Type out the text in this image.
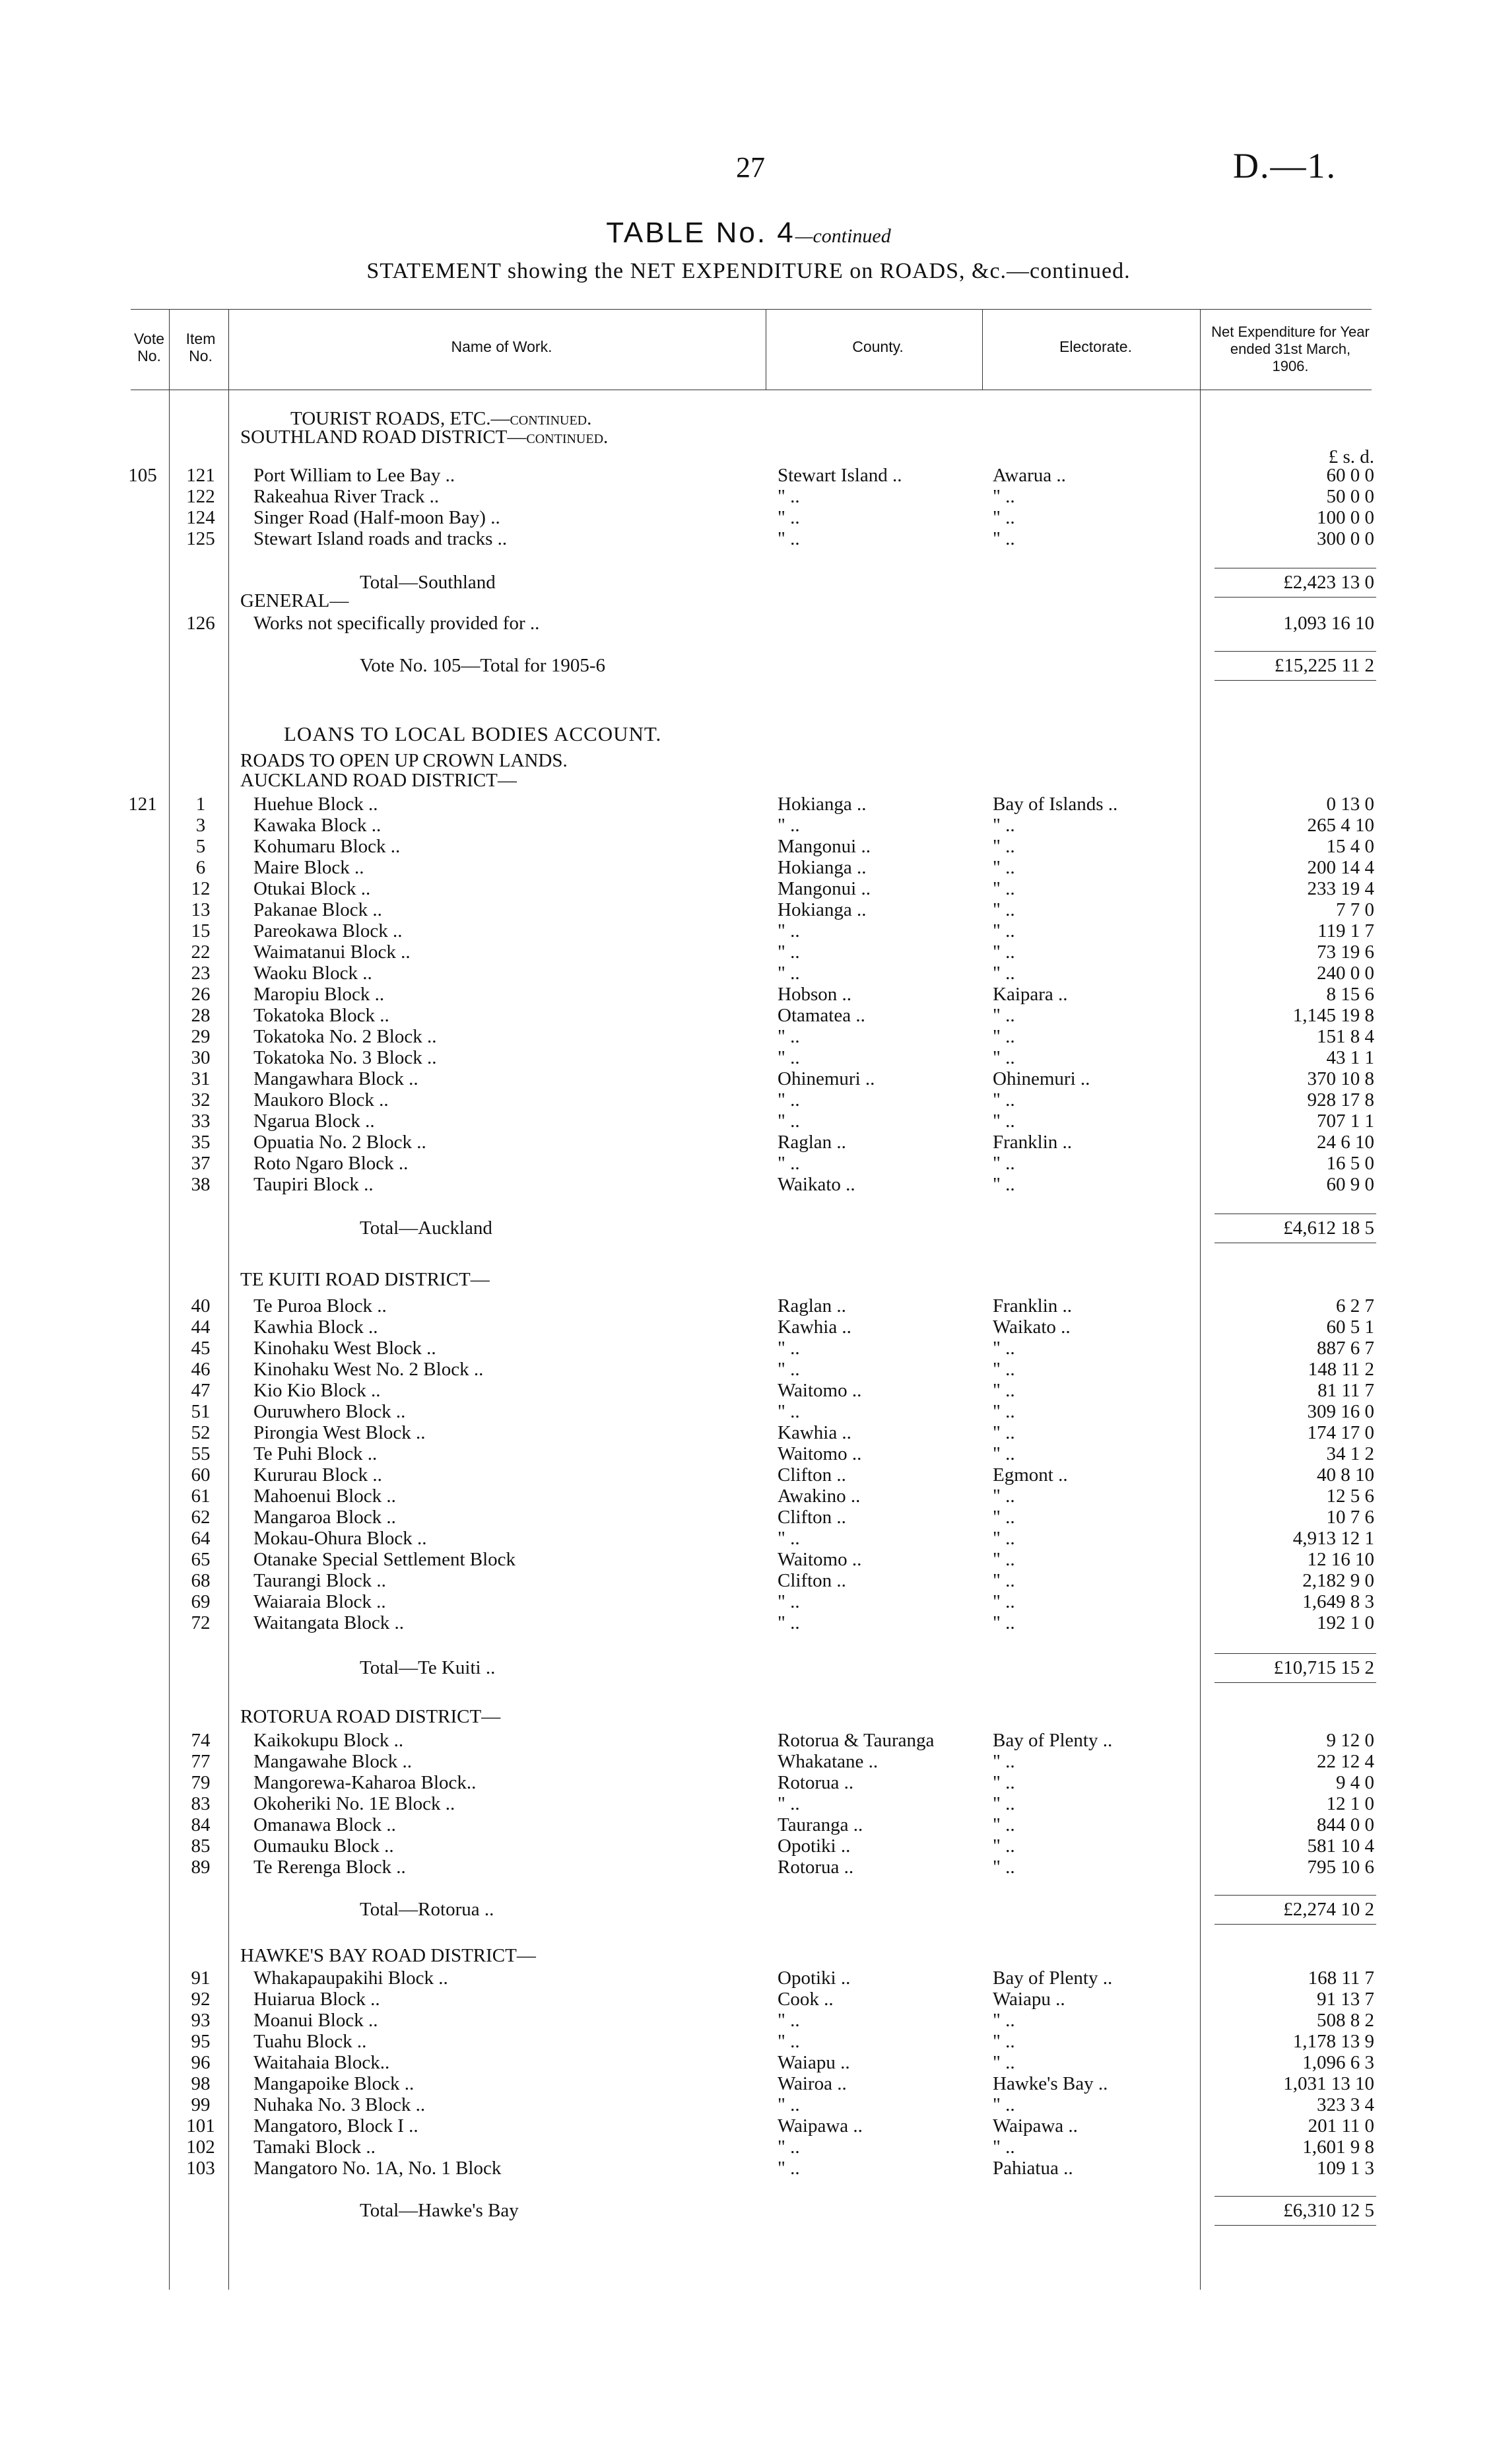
27	D.—1.
TABLE No. 4—continued
STATEMENT showing the NET EXPENDITURE on ROADS, &c.—continued.
Vote No.
Item No.
Name of Work.	County.	Electorate.
Net Expenditure for Year ended 31st March, 1906.
TOURIST ROADS, ETC.—continued.
SOUTHLAND ROAD DISTRICT—continued.
£ s. d.
105	121	Port William to Lee Bay ..	Stewart Island ..	Awarua ..	60 0 0
122	Rakeahua River Track ..	" ..	" ..	50 0 0
124	Singer Road (Half-moon Bay) ..	" ..	" ..	100 0 0
125	Stewart Island roads and tracks ..	" ..	" ..	300 0 0
Total—Southland	£2,423 13 0
GENERAL—
126	Works not specifically provided for ..	1,093 16 10
Vote No. 105—Total for 1905-6	£15,225 11 2
LOANS TO LOCAL BODIES ACCOUNT.
ROADS TO OPEN UP CROWN LANDS.
AUCKLAND ROAD DISTRICT—
121	1	Huehue Block ..	Hokianga ..	Bay of Islands ..	0 13 0
3	Kawaka Block ..	" ..	" ..	265 4 10
5	Kohumaru Block ..	Mangonui ..	" ..	15 4 0
6	Maire Block ..	Hokianga ..	" ..	200 14 4
12	Otukai Block ..	Mangonui ..	" ..	233 19 4
13	Pakanae Block ..	Hokianga ..	" ..	7 7 0
15	Pareokawa Block ..	" ..	" ..	119 1 7
22	Waimatanui Block ..	" ..	" ..	73 19 6
23	Waoku Block ..	" ..	" ..	240 0 0
26	Maropiu Block ..	Hobson ..	Kaipara ..	8 15 6
28	Tokatoka Block ..	Otamatea ..	" ..	1,145 19 8
29	Tokatoka No. 2 Block ..	" ..	" ..	151 8 4
30	Tokatoka No. 3 Block ..	" ..	" ..	43 1 1
31	Mangawhara Block ..	Ohinemuri ..	Ohinemuri ..	370 10 8
32	Maukoro Block ..	" ..	" ..	928 17 8
33	Ngarua Block ..	" ..	" ..	707 1 1
35	Opuatia No. 2 Block ..	Raglan ..	Franklin ..	24 6 10
37	Roto Ngaro Block ..	" ..	" ..	16 5 0
38	Taupiri Block ..	Waikato ..	" ..	60 9 0
Total—Auckland	£4,612 18 5
TE KUITI ROAD DISTRICT—
40	Te Puroa Block ..	Raglan ..	Franklin ..	6 2 7
44	Kawhia Block ..	Kawhia ..	Waikato ..	60 5 1
45	Kinohaku West Block ..	" ..	" ..	887 6 7
46	Kinohaku West No. 2 Block ..	" ..	" ..	148 11 2
47	Kio Kio Block ..	Waitomo ..	" ..	81 11 7
51	Ouruwhero Block ..	" ..	" ..	309 16 0
52	Pirongia West Block ..	Kawhia ..	" ..	174 17 0
55	Te Puhi Block ..	Waitomo ..	" ..	34 1 2
60	Kururau Block ..	Clifton ..	Egmont ..	40 8 10
61	Mahoenui Block ..	Awakino ..	" ..	12 5 6
62	Mangaroa Block ..	Clifton ..	" ..	10 7 6
64	Mokau-Ohura Block ..	" ..	" ..	4,913 12 1
65	Otanake Special Settlement Block	Waitomo ..	" ..	12 16 10
68	Taurangi Block ..	Clifton ..	" ..	2,182 9 0
69	Waiaraia Block ..	" ..	" ..	1,649 8 3
72	Waitangata Block ..	" ..	" ..	192 1 0
Total—Te Kuiti ..	£10,715 15 2
ROTORUA ROAD DISTRICT—
74	Kaikokupu Block ..	Rotorua & Tauranga	Bay of Plenty ..	9 12 0
77	Mangawahe Block ..	Whakatane ..	" ..	22 12 4
79	Mangorewa-Kaharoa Block..	Rotorua ..	" ..	9 4 0
83	Okoheriki No. 1E Block ..	" ..	" ..	12 1 0
84	Omanawa Block ..	Tauranga ..	" ..	844 0 0
85	Oumauku Block ..	Opotiki ..	" ..	581 10 4
89	Te Rerenga Block ..	Rotorua ..	" ..	795 10 6
Total—Rotorua ..	£2,274 10 2
HAWKE'S BAY ROAD DISTRICT—
91	Whakapaupakihi Block ..	Opotiki ..	Bay of Plenty ..	168 11 7
92	Huiarua Block ..	Cook ..	Waiapu ..	91 13 7
93	Moanui Block ..	" ..	" ..	508 8 2
95	Tuahu Block ..	" ..	" ..	1,178 13 9
96	Waitahaia Block..	Waiapu ..	" ..	1,096 6 3
98	Mangapoike Block ..	Wairoa ..	Hawke's Bay ..	1,031 13 10
99	Nuhaka No. 3 Block ..	" ..	" ..	323 3 4
101	Mangatoro, Block I ..	Waipawa ..	Waipawa ..	201 11 0
102	Tamaki Block ..	" ..	" ..	1,601 9 8
103	Mangatoro No. 1A, No. 1 Block	" ..	Pahiatua ..	109 1 3
Total—Hawke's Bay	£6,310 12 5
